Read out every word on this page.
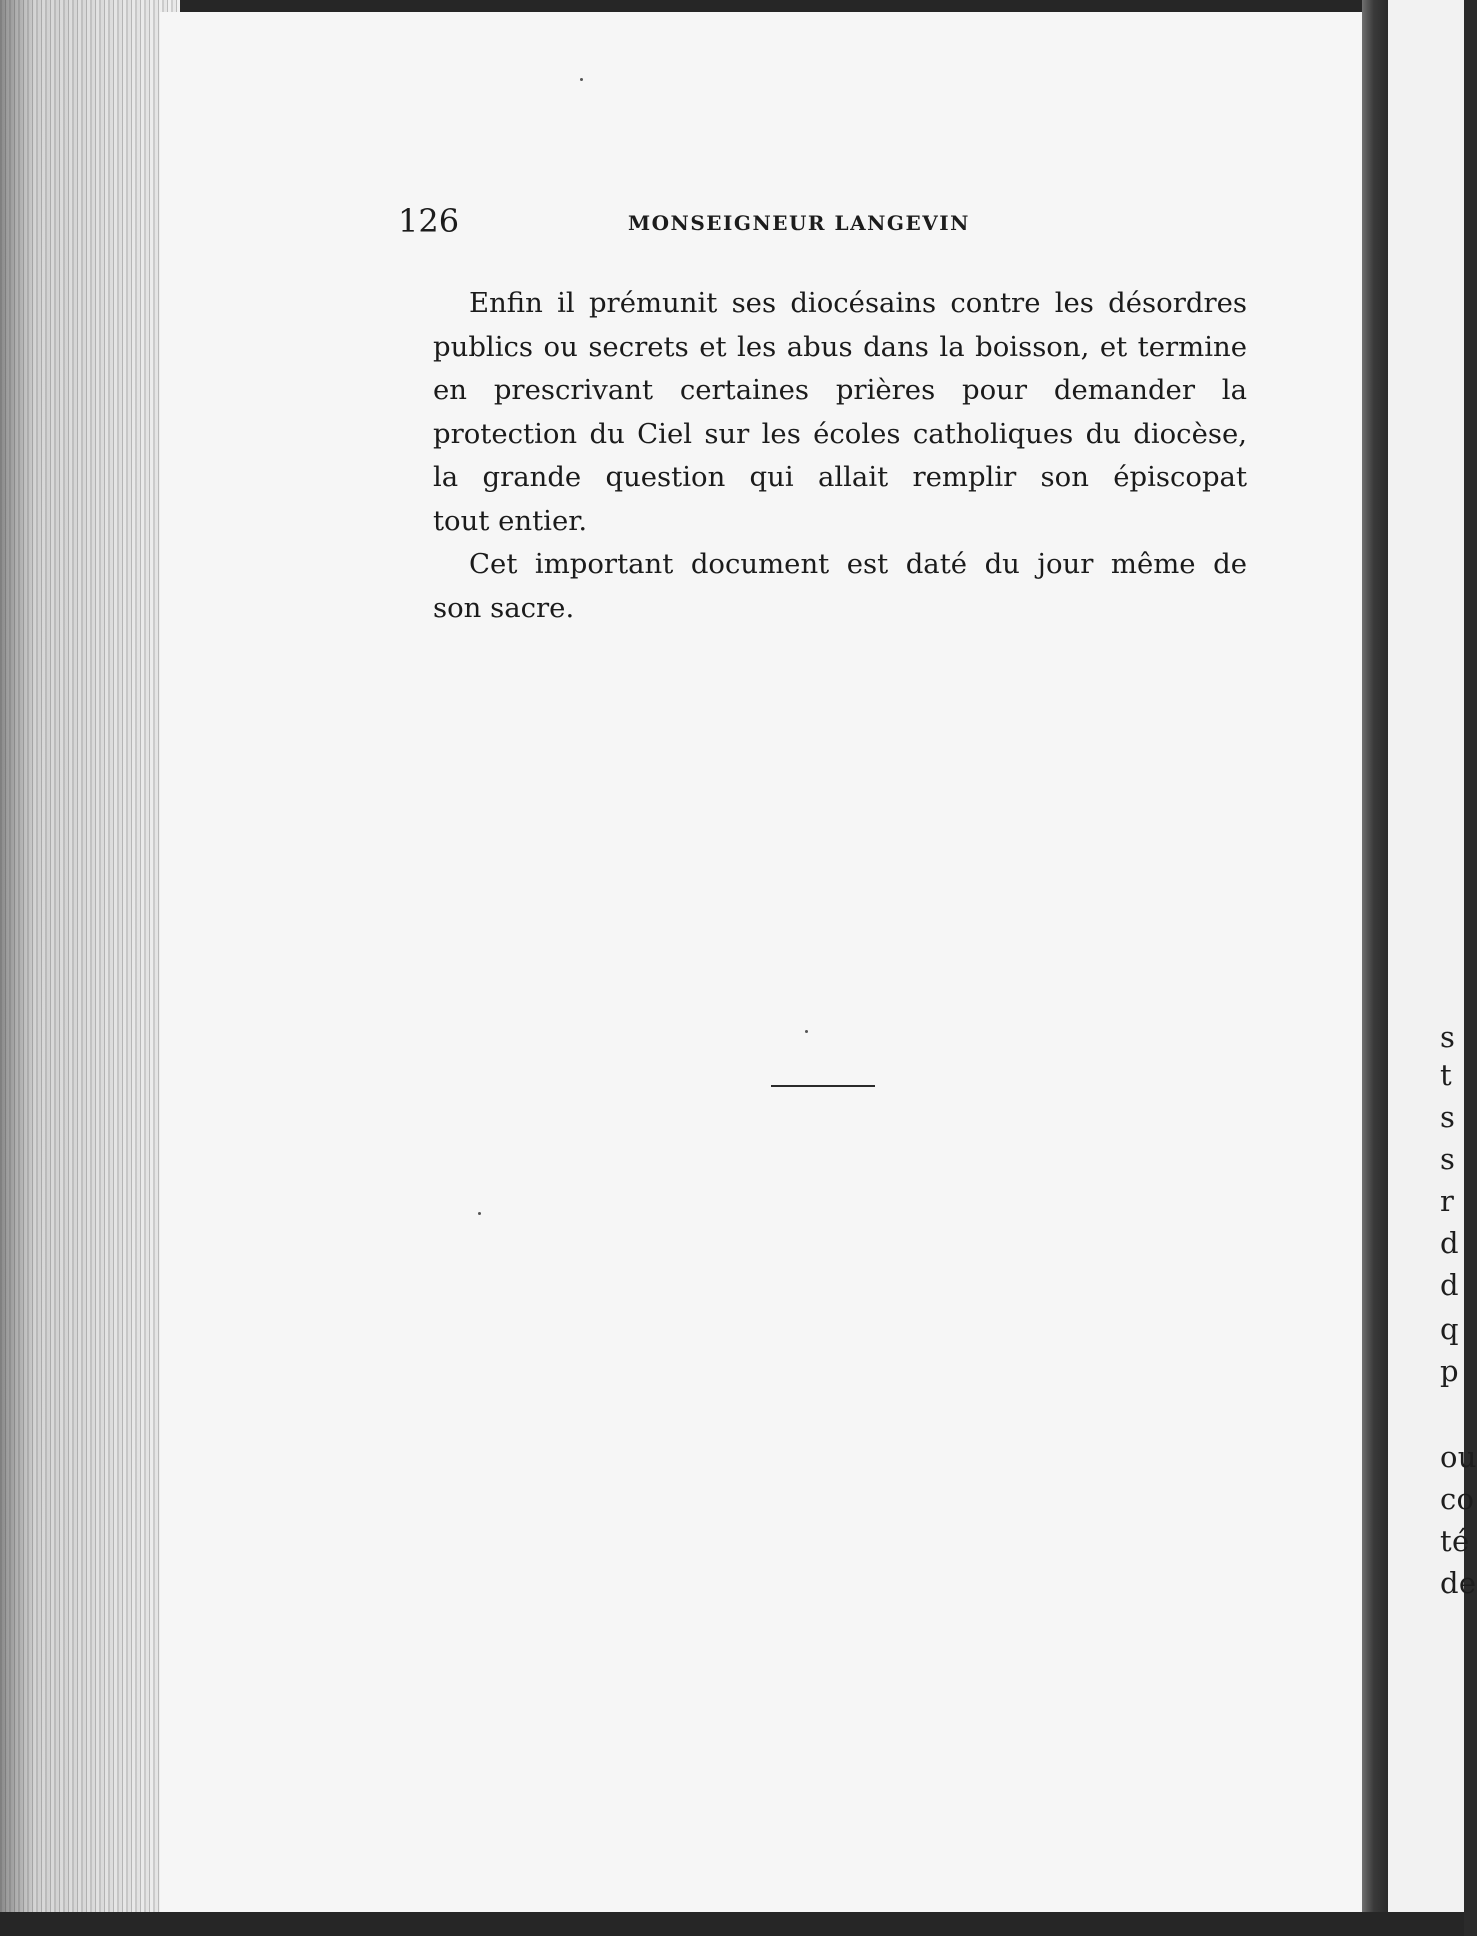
126	MONSEIGNEUR LANGEVIN
Enfin il prémunit ses diocésains contre les désordres
publics ou secrets et les abus dans la boisson, et termine
en prescrivant certaines prières pour demander la
protection du Ciel sur les écoles catholiques du diocèse,
la grande question qui allait remplir son épiscopat
tout entier.
Cet important document est daté du jour même de
son sacre.
s
t
s
s
r
d
d
q
p
ou
co
té
de
